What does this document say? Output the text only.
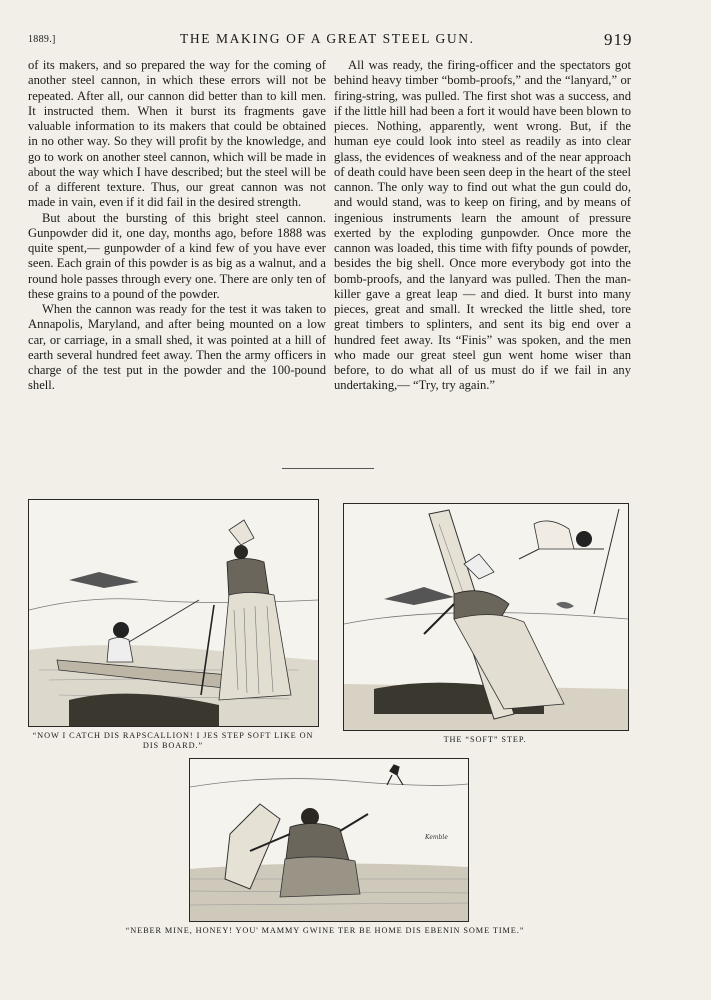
1889.]	THE MAKING OF A GREAT STEEL GUN.	919

of its makers, and so prepared the way for the coming of another steel cannon, in which these errors will not be repeated. After all, our cannon did better than to kill men. It instructed them. When it burst its fragments gave valuable information to its makers that could be obtained in no other way. So they will profit by the knowledge, and go to work on another steel cannon, which will be made in about the way which I have described; but the steel will be of a different texture. Thus, our great cannon was not made in vain, even if it did fail in the desired strength.

But about the bursting of this bright steel cannon. Gunpowder did it, one day, months ago, before 1888 was quite spent,— gunpowder of a kind few of you have ever seen. Each grain of this powder is as big as a walnut, and a round hole passes through every one. There are only ten of these grains to a pound of the powder.

When the cannon was ready for the test it was taken to Annapolis, Maryland, and after being mounted on a low car, or carriage, in a small shed, it was pointed at a hill of earth several hundred feet away. Then the army officers in charge of the test put in the powder and the 100-pound shell.

All was ready, the firing-officer and the spectators got behind heavy timber “bomb-proofs,” and the “lanyard,” or firing-string, was pulled. The first shot was a success, and if the little hill had been a fort it would have been blown to pieces. Nothing, apparently, went wrong. But, if the human eye could look into steel as readily as into clear glass, the evidences of weakness and of the near approach of death could have been seen deep in the heart of the steel cannon. The only way to find out what the gun could do, and would stand, was to keep on firing, and by means of ingenious instruments learn the amount of pressure exerted by the exploding gunpowder. Once more the cannon was loaded, this time with fifty pounds of powder, besides the big shell. Once more everybody got into the bomb-proofs, and the lanyard was pulled. Then the man-killer gave a great leap — and died. It burst into many pieces, great and small. It wrecked the little shed, tore great timbers to splinters, and sent its big end over a hundred feet away. Its “Finis” was spoken, and the men who made our great steel gun went home wiser than before, to do what all of us must do if we fail in any undertaking,— “Try, try again.”

Kemble
“NOW I CATCH DIS RAPSCALLION! I JES STEP SOFT LIKE ON DIS BOARD.”
THE “SOFT” STEP.
“NEBER MINE, HONEY! YOU' MAMMY GWINE TER BE HOME DIS EBENIN SOME TIME.”
